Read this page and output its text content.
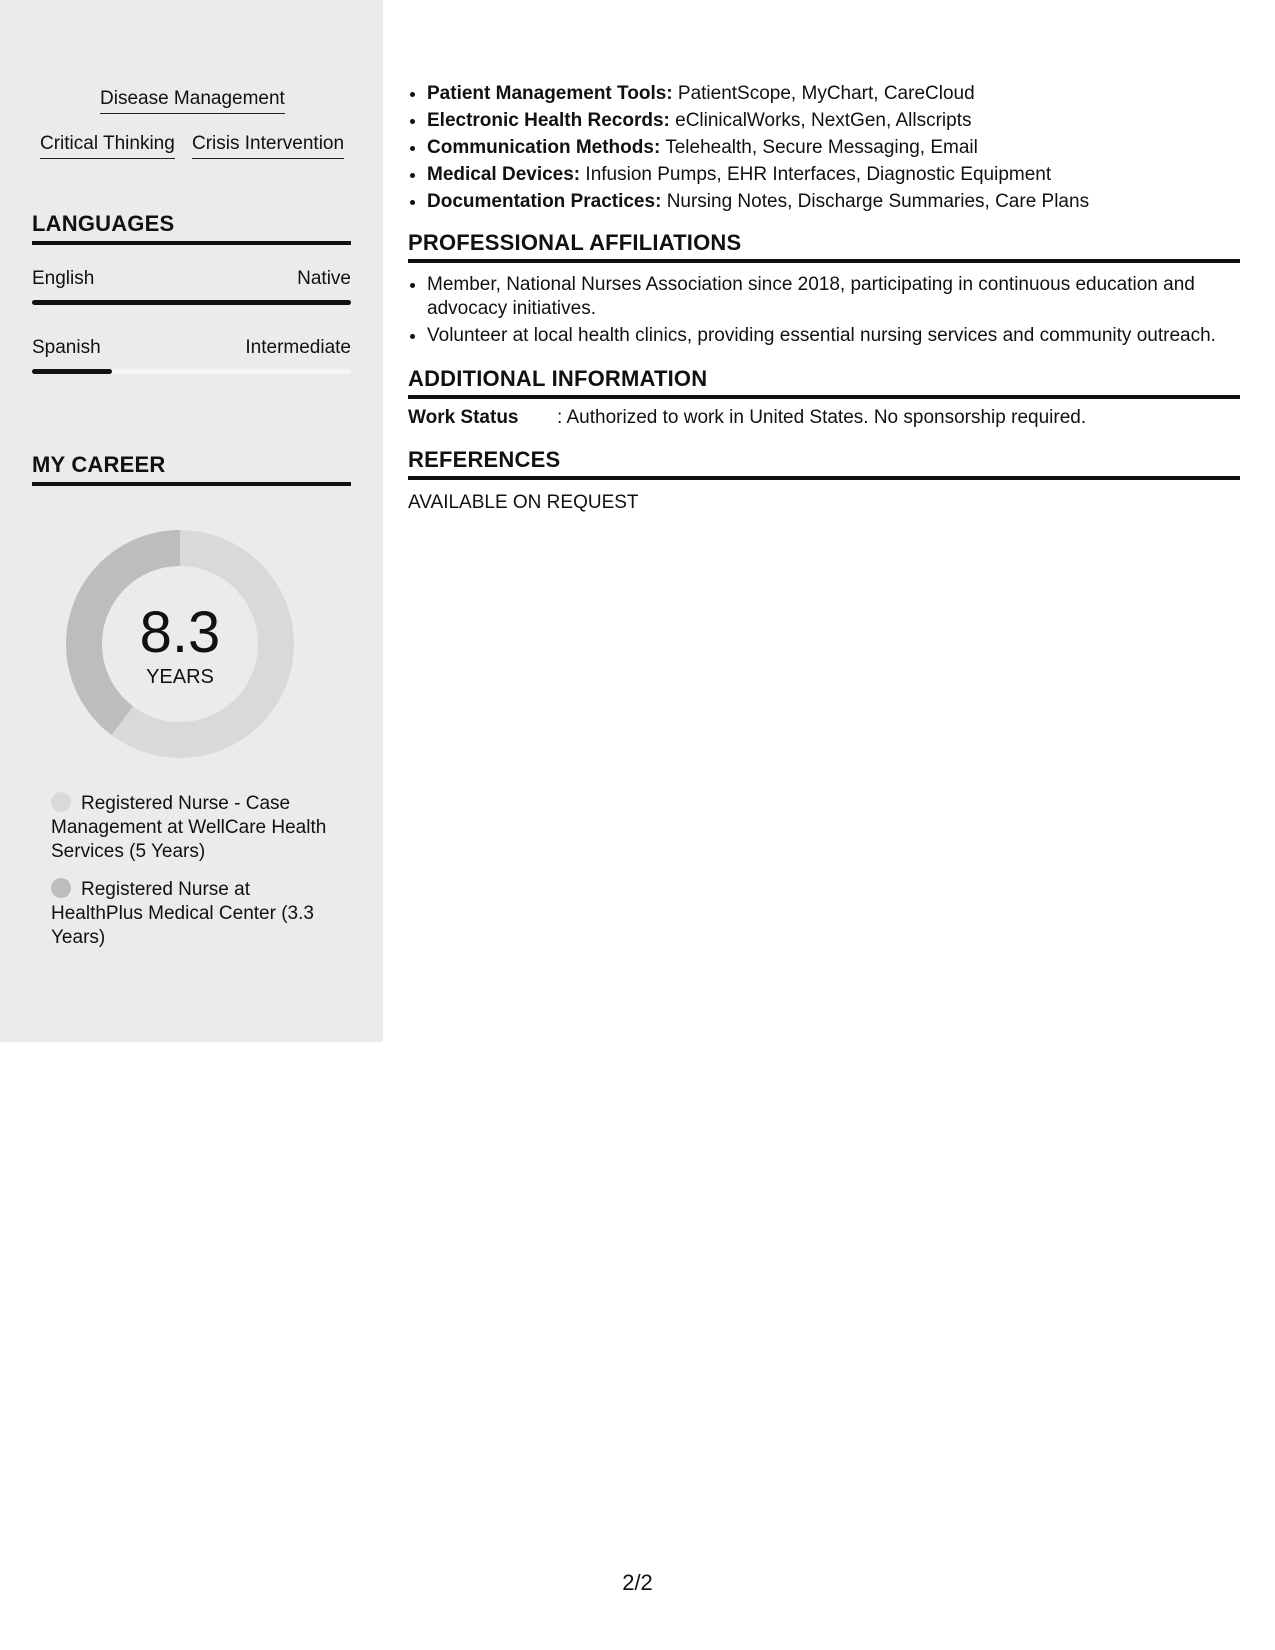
Disease Management
Critical Thinking Crisis Intervention
LANGUAGES
English	Native
Spanish	Intermediate
MY CAREER
8.3
YEARS
Registered Nurse - Case Management at WellCare Health Services (5 Years)
Registered Nurse at HealthPlus Medical Center (3.3 Years)
• Patient Management Tools: PatientScope, MyChart, CareCloud
• Electronic Health Records: eClinicalWorks, NextGen, Allscripts
• Communication Methods: Telehealth, Secure Messaging, Email
• Medical Devices: Infusion Pumps, EHR Interfaces, Diagnostic Equipment
• Documentation Practices: Nursing Notes, Discharge Summaries, Care Plans
PROFESSIONAL AFFILIATIONS
• Member, National Nurses Association since 2018, participating in continuous education and advocacy initiatives.
• Volunteer at local health clinics, providing essential nursing services and community outreach.
ADDITIONAL INFORMATION
Work Status : Authorized to work in United States. No sponsorship required.
REFERENCES
AVAILABLE ON REQUEST
2/2
